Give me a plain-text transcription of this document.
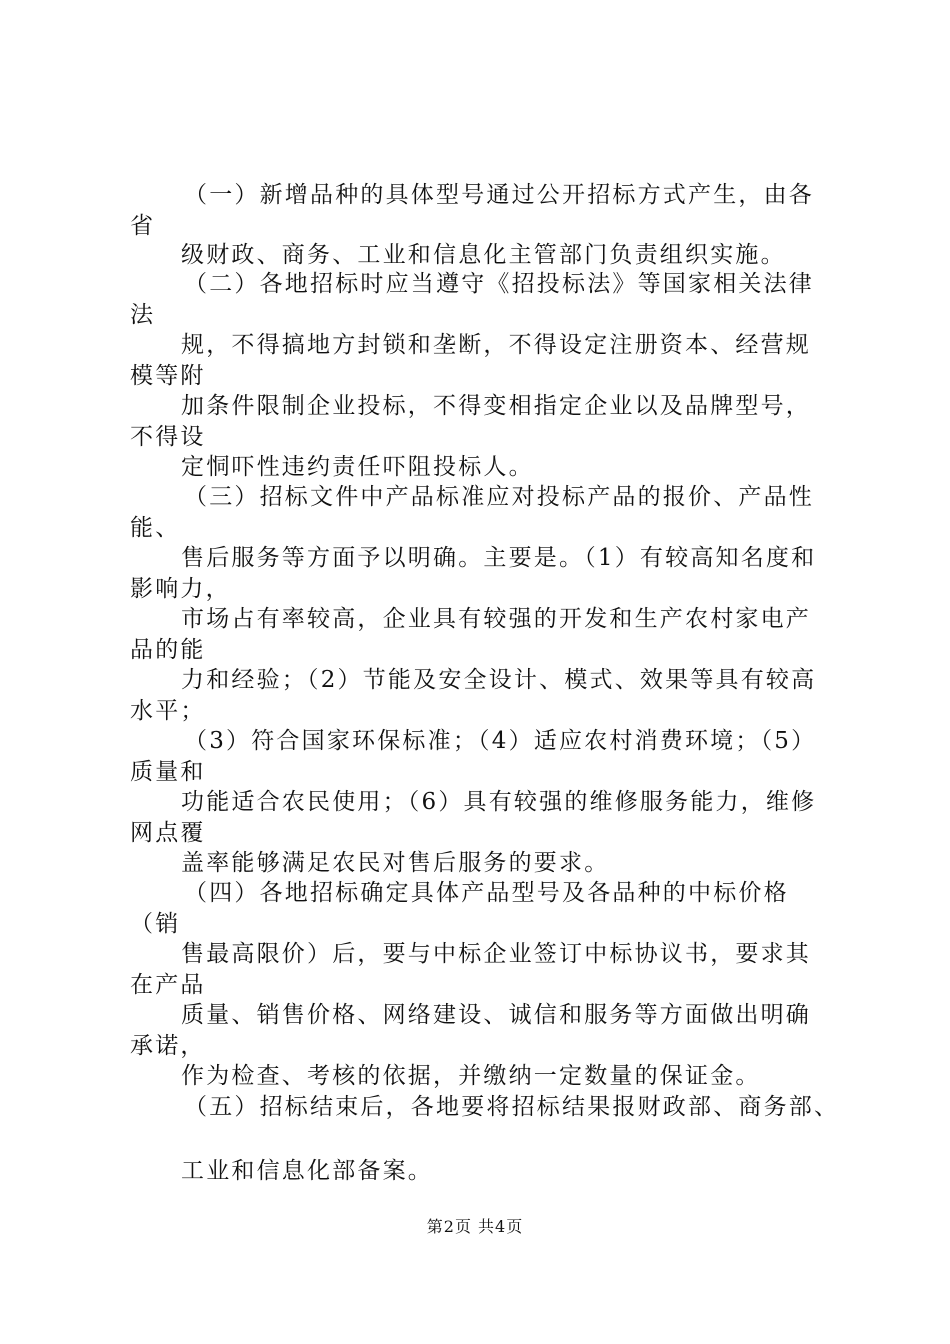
（一）新增品种的具体型号通过公开招标方式产生，由各
省
级财政、商务、工业和信息化主管部门负责组织实施。
（二）各地招标时应当遵守《招投标法》等国家相关法律
法
规，不得搞地方封锁和垄断，不得设定注册资本、经营规
模等附
加条件限制企业投标，不得变相指定企业以及品牌型号，
不得设
定恫吓性违约责任吓阻投标人。
（三）招标文件中产品标准应对投标产品的报价、产品性
能、
售后服务等方面予以明确。主要是。（1）有较高知名度和
影响力，
市场占有率较高，企业具有较强的开发和生产农村家电产
品的能
力和经验；（2）节能及安全设计、模式、效果等具有较高
水平；
（3）符合国家环保标准；（4）适应农村消费环境；（5）
质量和
功能适合农民使用；（6）具有较强的维修服务能力，维修
网点覆
盖率能够满足农民对售后服务的要求。
（四）各地招标确定具体产品型号及各品种的中标价格
（销
售最高限价）后，要与中标企业签订中标协议书，要求其
在产品
质量、销售价格、网络建设、诚信和服务等方面做出明确
承诺，
作为检查、考核的依据，并缴纳一定数量的保证金。
（五）招标结束后，各地要将招标结果报财政部、商务部、
工业和信息化部备案。
第2页 共4页
